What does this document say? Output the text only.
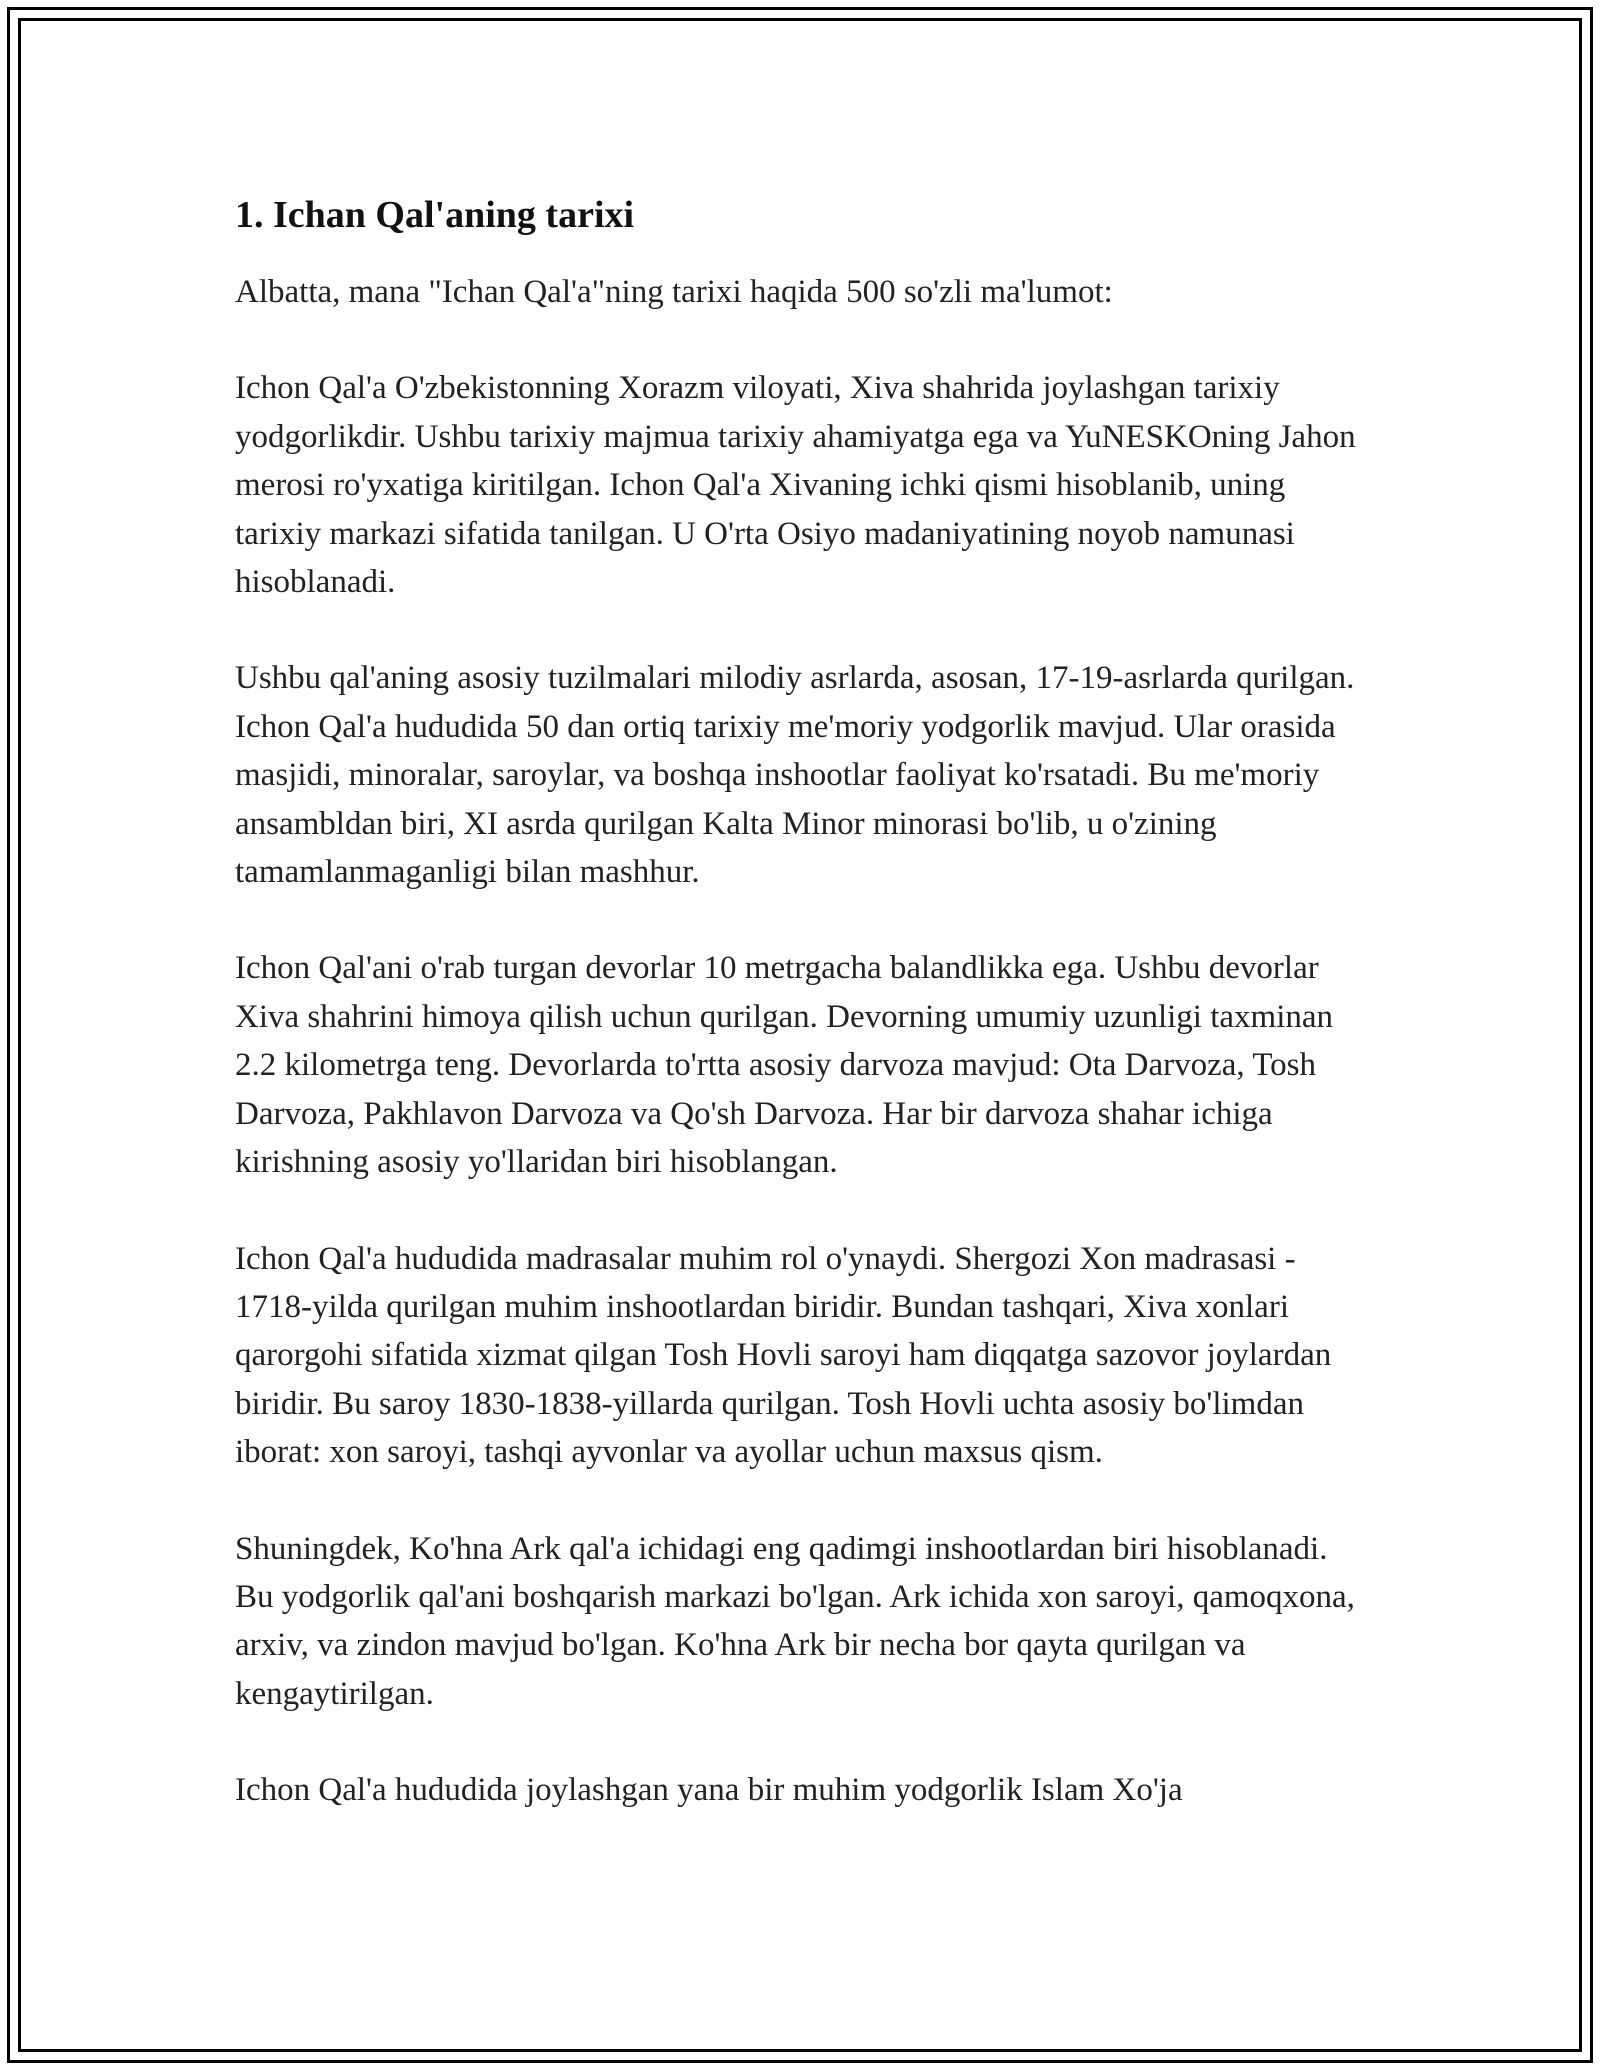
1. Ichan Qal'aning tarixi

Albatta, mana "Ichan Qal'a"ning tarixi haqida 500 so'zli ma'lumot:

Ichon Qal'a O'zbekistonning Xorazm viloyati, Xiva shahrida joylashgan tarixiy yodgorlikdir. Ushbu tarixiy majmua tarixiy ahamiyatga ega va YuNESKOning Jahon merosi ro'yxatiga kiritilgan. Ichon Qal'a Xivaning ichki qismi hisoblanib, uning tarixiy markazi sifatida tanilgan. U O'rta Osiyo madaniyatining noyob namunasi hisoblanadi.

Ushbu qal'aning asosiy tuzilmalari milodiy asrlarda, asosan, 17-19-asrlarda qurilgan. Ichon Qal'a hududida 50 dan ortiq tarixiy me'moriy yodgorlik mavjud. Ular orasida masjidi, minoralar, saroylar, va boshqa inshootlar faoliyat ko'rsatadi. Bu me'moriy ansambldan biri, XI asrda qurilgan Kalta Minor minorasi bo'lib, u o'zining tamamlanmaganligi bilan mashhur.

Ichon Qal'ani o'rab turgan devorlar 10 metrgacha balandlikka ega. Ushbu devorlar Xiva shahrini himoya qilish uchun qurilgan. Devorning umumiy uzunligi taxminan 2.2 kilometrga teng. Devorlarda to'rtta asosiy darvoza mavjud: Ota Darvoza, Tosh Darvoza, Pakhlavon Darvoza va Qo'sh Darvoza. Har bir darvoza shahar ichiga kirishning asosiy yo'llaridan biri hisoblangan.

Ichon Qal'a hududida madrasalar muhim rol o'ynaydi. Shergozi Xon madrasasi - 1718-yilda qurilgan muhim inshootlardan biridir. Bundan tashqari, Xiva xonlari qarorgohi sifatida xizmat qilgan Tosh Hovli saroyi ham diqqatga sazovor joylardan biridir. Bu saroy 1830-1838-yillarda qurilgan. Tosh Hovli uchta asosiy bo'limdan iborat: xon saroyi, tashqi ayvonlar va ayollar uchun maxsus qism.

Shuningdek, Ko'hna Ark qal'a ichidagi eng qadimgi inshootlardan biri hisoblanadi. Bu yodgorlik qal'ani boshqarish markazi bo'lgan. Ark ichida xon saroyi, qamoqxona, arxiv, va zindon mavjud bo'lgan. Ko'hna Ark bir necha bor qayta qurilgan va kengaytirilgan.

Ichon Qal'a hududida joylashgan yana bir muhim yodgorlik Islam Xo'ja
